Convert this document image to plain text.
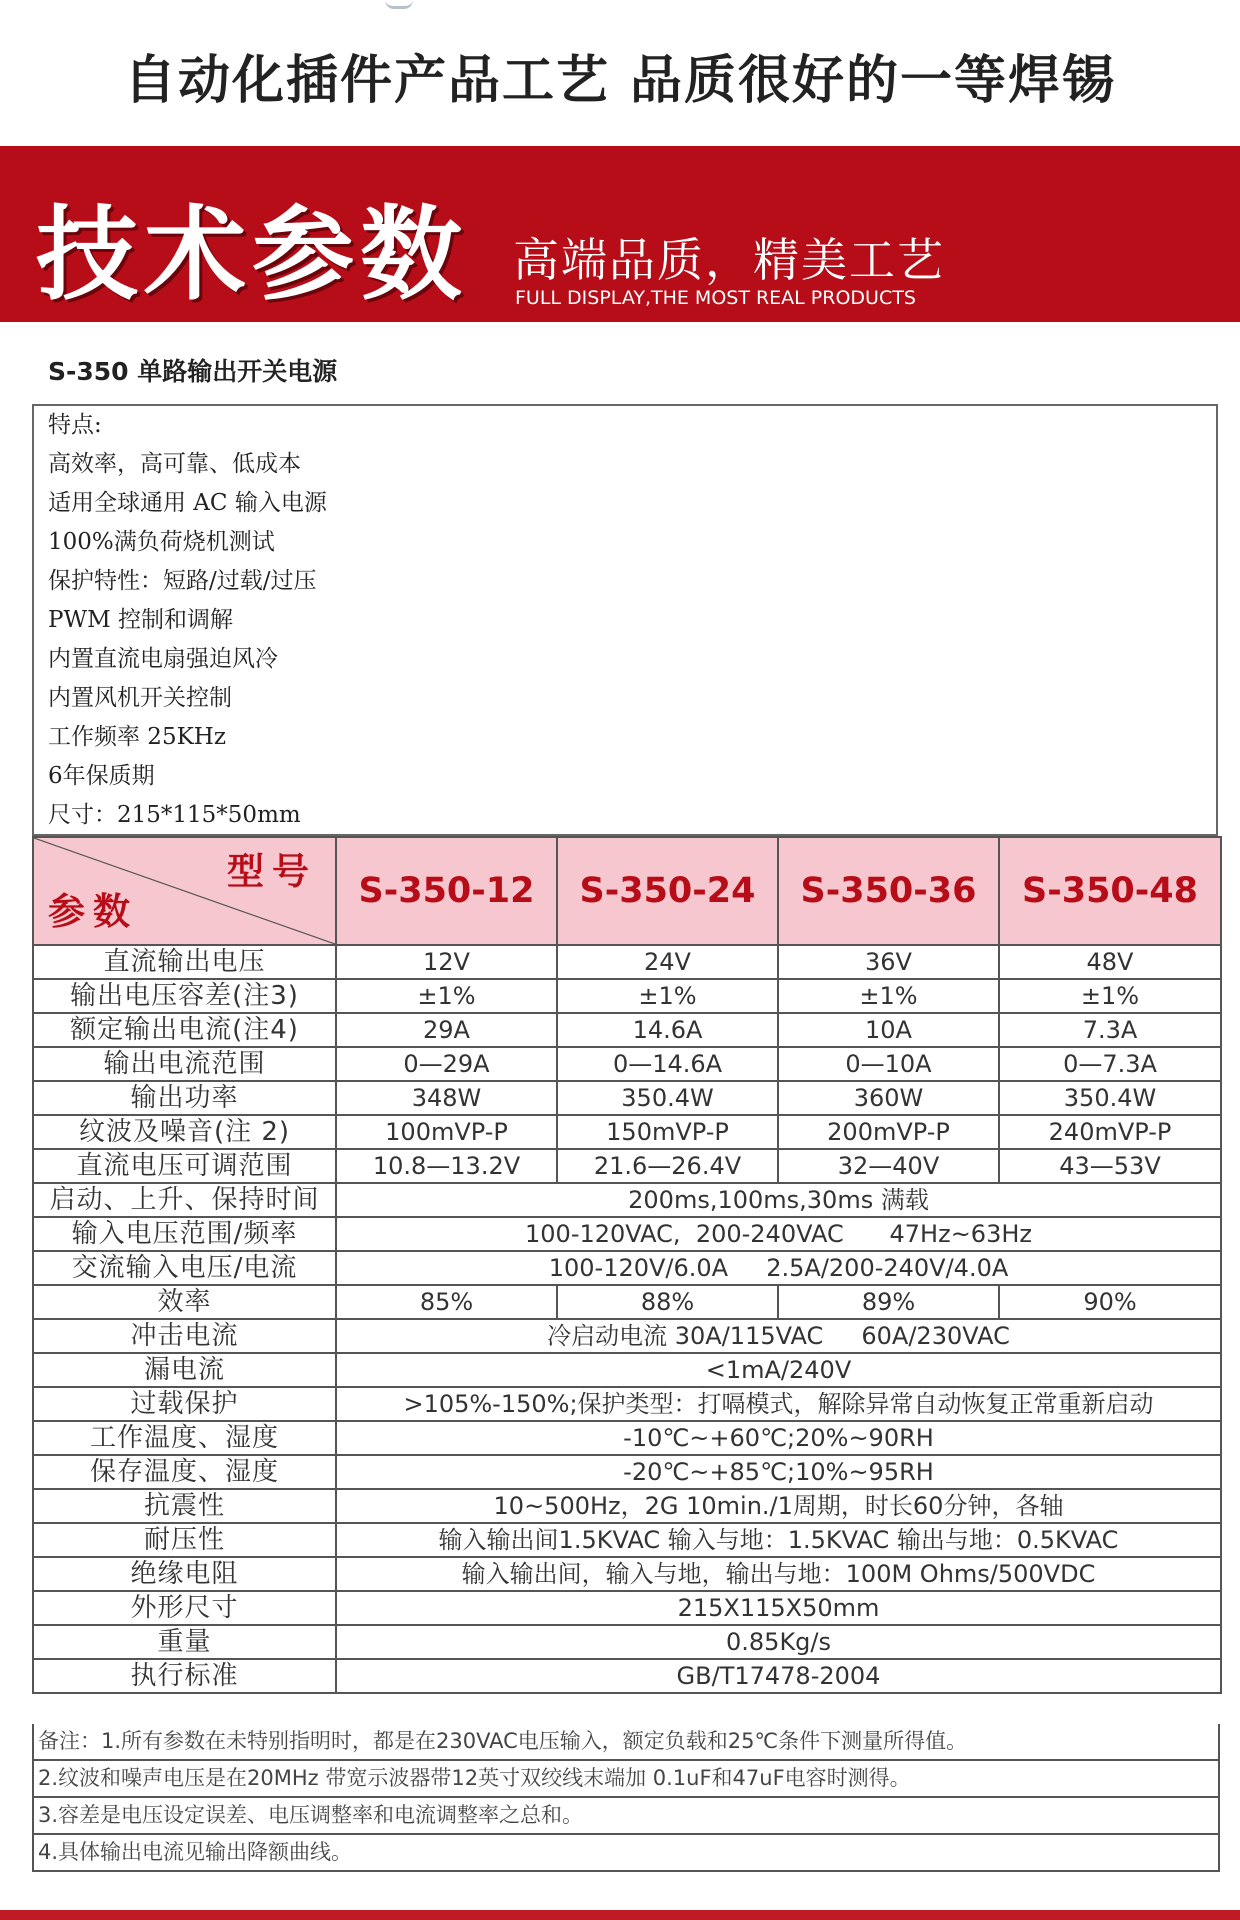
自动化插件产品工艺 品质很好的一等焊锡
技术参数 高端品质，精美工艺
FULL DISPLAY,THE MOST REAL PRODUCTS
S-350 单路输出开关电源
特点:
高效率，高可靠、低成本
适用全球通用 AC 输入电源
100%满负荷烧机测试
保护特性：短路/过载/过压
PWM 控制和调解
内置直流电扇强迫风冷
内置风机开关控制
工作频率 25KHz
6年保质期
尺寸：215*115*50mm
型号
参数	S-350-12	S-350-24	S-350-36	S-350-48
直流输出电压	12V	24V	36V	48V
输出电压容差(注3)	±1%	±1%	±1%	±1%
额定输出电流(注4)	29A	14.6A	10A	7.3A
输出电流范围	0—29A	0—14.6A	0—10A	0—7.3A
输出功率	348W	350.4W	360W	350.4W
纹波及噪音(注 2)	100mVP-P	150mVP-P	200mVP-P	240mVP-P
直流电压可调范围	10.8—13.2V	21.6—26.4V	32—40V	43—53V
启动、上升、保持时间	200ms,100ms,30ms 满载			
输入电压范围/频率	100-120VAC,  200-240VAC      47Hz~63Hz			
交流输入电压/电流	100-120V/6.0A     2.5A/200-240V/4.0A			
效率	85%	88%	89%	90%
冲击电流	冷启动电流 30A/115VAC     60A/230VAC			
漏电流	<1mA/240V			
过载保护	>105%-150%;保护类型：打嗝模式，解除异常自动恢复正常重新启动			
工作温度、湿度	-10℃~+60℃;20%~90RH			
保存温度、湿度	-20℃~+85℃;10%~95RH			
抗震性	10~500Hz，2G 10min./1周期，时长60分钟，各轴			
耐压性	输入输出间1.5KVAC 输入与地：1.5KVAC 输出与地：0.5KVAC			
绝缘电阻	输入输出间，输入与地，输出与地：100M Ohms/500VDC			
外形尺寸	215X115X50mm			
重量	0.85Kg/s			
执行标准	GB/T17478-2004			
备注：1.所有参数在未特别指明时，都是在230VAC电压输入，额定负载和25℃条件下测量所得值。
2.纹波和噪声电压是在20MHz 带宽示波器带12英寸双绞线末端加 0.1uF和47uF电容时测得。
3.容差是电压设定误差、电压调整率和电流调整率之总和。
4.具体输出电流见输出降额曲线。
